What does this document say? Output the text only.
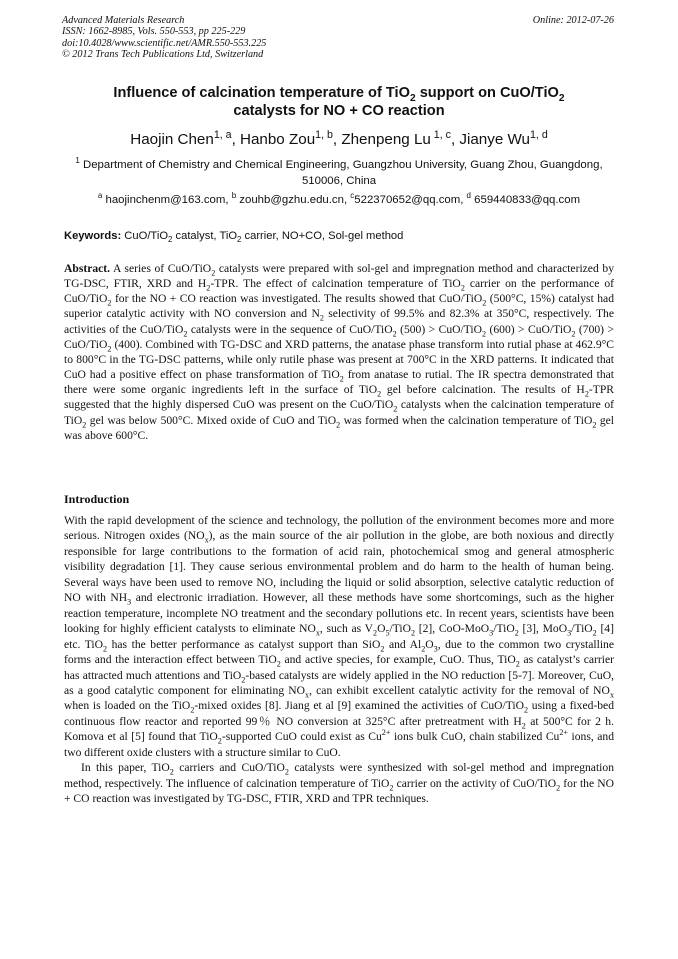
Advanced Materials Research
ISSN: 1662-8985, Vols. 550-553, pp 225-229
doi:10.4028/www.scientific.net/AMR.550-553.225
© 2012 Trans Tech Publications Ltd, Switzerland
Online: 2012-07-26
Influence of calcination temperature of TiO$_2$ support on CuO/TiO$_2$
catalysts for NO + CO reaction
Haojin Chen$^{1, a}$, Hanbo Zou$^{1, b}$, Zhenpeng Lu $^{1, c}$, Jianye Wu$^{1, d}$
$^1$ Department of Chemistry and Chemical Engineering, Guangzhou University, Guang Zhou, Guangdong, 510006, China
$^a$ haojinchenm@163.com, $^b$ zouhb@gzhu.edu.cn, $^c$522370652@qq.com, $^d$ 659440833@qq.com
Keywords: CuO/TiO$_2$ catalyst, TiO$_2$ carrier, NO+CO, Sol-gel method
Abstract. A series of CuO/TiO$_2$ catalysts were prepared with sol-gel and impregnation method and characterized by TG-DSC, FTIR, XRD and $H_2$-TPR. The effect of calcination temperature of TiO$_2$ carrier on the performance of CuO/TiO$_2$ for the NO + CO reaction was investigated. The results showed that CuO/TiO$_2$ (500°C, 15%) catalyst had superior catalytic activity with NO conversion and $N_2$ selectivity of 99.5% and 82.3% at 350°C, respectively. The activities of the CuO/TiO$_2$ catalysts were in the sequence of CuO/TiO$_2$ (500) > CuO/TiO$_2$ (600) > CuO/TiO$_2$ (700) > CuO/TiO$_2$ (400). Combined with TG-DSC and XRD patterns, the anatase phase transform into rutial phase at 462.9°C to 800°C in the TG-DSC patterns, while only rutile phase was present at 700°C in the XRD patterns. It indicated that CuO had a positive effect on phase transformation of TiO$_2$ from anatase to rutial. The IR spectra demonstrated that there were some organic ingredients left in the surface of TiO$_2$ gel before calcination. The results of $H_2$-TPR suggested that the highly dispersed CuO was present on the CuO/TiO$_2$ catalysts when the calcination temperature of TiO$_2$ gel was below 500°C. Mixed oxide of CuO and TiO$_2$ was formed when the calcination temperature of TiO$_2$ gel was above 600°C.
Introduction

With the rapid development of the science and technology, the pollution of the environment becomes more and more serious. Nitrogen oxides $(NO_x)$, as the main source of the air pollution in the globe, are both noxious and directly responsible for large contributions to the formation of acid rain, photochemical smog and general atmospheric visibility degradation [1]. They cause serious environmental problem and do harm to the health of human being. Several ways have been used to remove NO, including the liquid or solid absorption, selective catalytic reduction of NO with $NH_3$ and electronic irradiation. However, all these methods have some shortcomings, such as the higher reaction temperature, incomplete NO treatment and the secondary pollutions etc. In recent years, scientists have been looking for highly efficient catalysts to eliminate $NO_x$, such as $V_2O_5/TiO_2$ [2], CoO-MoO$_3$/TiO$_2$ [3], MoO$_3$/TiO$_2$ [4] etc. TiO$_2$ has the better performance as catalyst support than SiO$_2$ and $Al_2O_3$, due to the common two crystalline forms and the interaction effect between TiO$_2$ and active species, for example, CuO. Thus, TiO$_2$ as catalyst’s carrier has attracted much attentions and TiO$_2$-based catalysts are widely applied in the NO reduction [5-7]. Moreover, CuO, as a good catalytic component for eliminating $NO_x$, can exhibit excellent catalytic activity for the removal of $NO_x$ when is loaded on the TiO$_2$-mixed oxides [8]. Jiang et al [9] examined the activities of CuO/TiO$_2$ using a fixed-bed continuous flow reactor and reported 99％ NO conversion at 325°C after pretreatment with $H_2$ at 500°C for 2 h. Komova et al [5] found that TiO$_2$-supported CuO could exist as $Cu^{2+}$ ions bulk CuO, chain stabilized $Cu^{2+}$ ions, and two different oxide clusters with a structure similar to CuO.

In this paper, TiO$_2$ carriers and CuO/TiO$_2$ catalysts were synthesized with sol-gel method and impregnation method, respectively. The influence of calcination temperature of TiO$_2$ carrier on the activity of CuO/TiO$_2$ for the NO + CO reaction was investigated by TG-DSC, FTIR, XRD and TPR techniques.
